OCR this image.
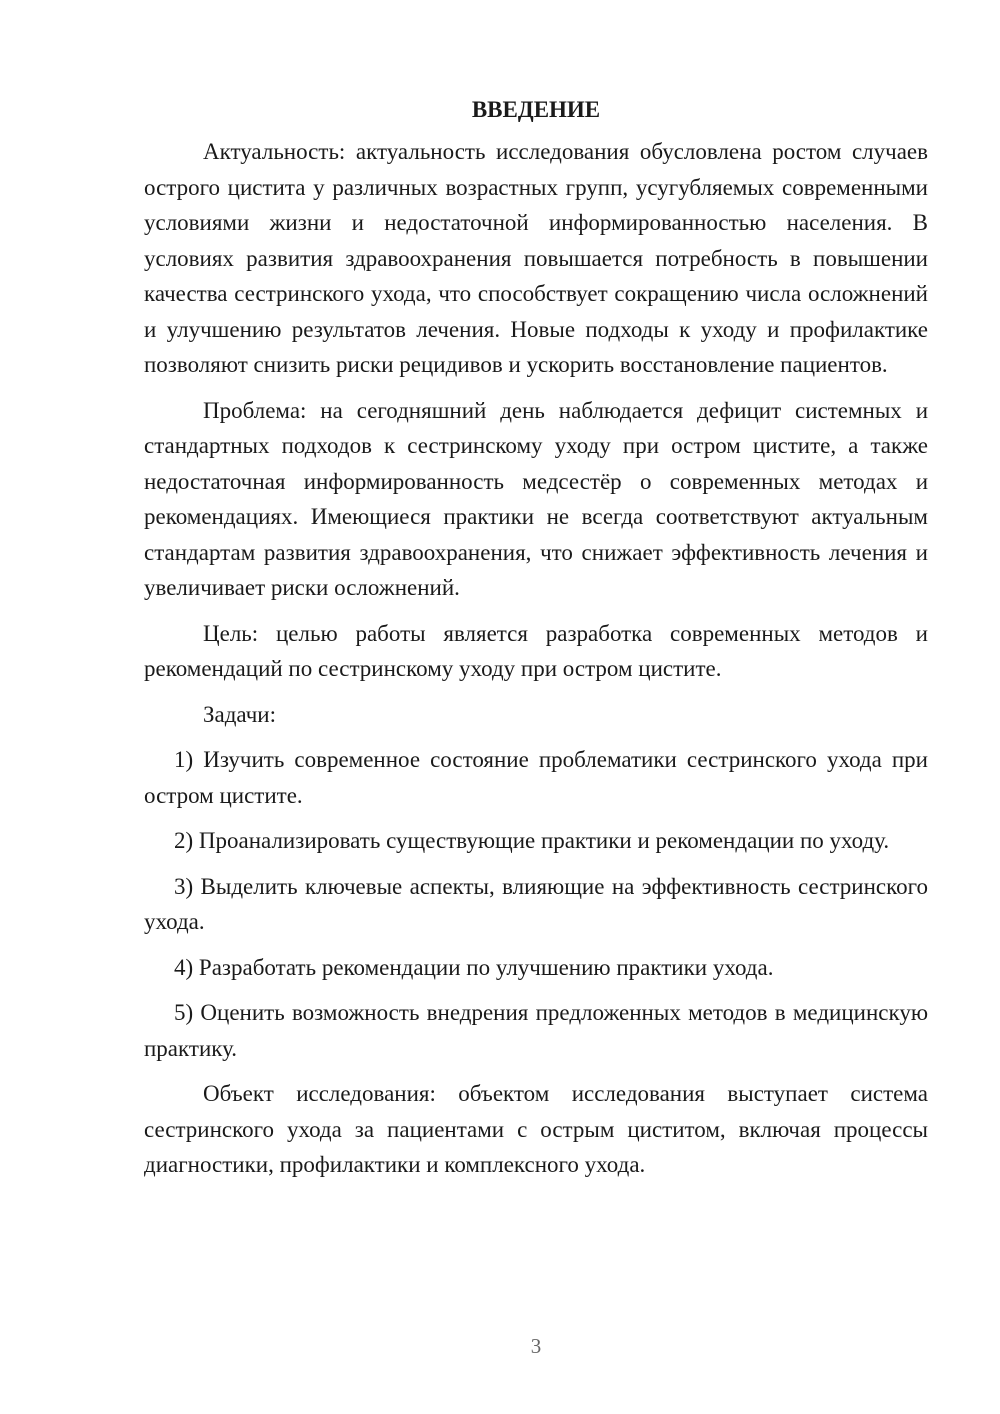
ВВЕДЕНИЕ

Актуальность: актуальность исследования обусловлена ростом случаев острого цистита у различных возрастных групп, усугубляемых современными условиями жизни и недостаточной информированностью населения. В условиях развития здравоохранения повышается потребность в повышении качества сестринского ухода, что способствует сокращению числа осложнений и улучшению результатов лечения. Новые подходы к уходу и профилактике позволяют снизить риски рецидивов и ускорить восстановление пациентов.

Проблема: на сегодняшний день наблюдается дефицит системных и стандартных подходов к сестринскому уходу при остром цистите, а также недостаточная информированность медсестёр о современных методах и рекомендациях. Имеющиеся практики не всегда соответствуют актуальным стандартам развития здравоохранения, что снижает эффективность лечения и увеличивает риски осложнений.

Цель: целью работы является разработка современных методов и рекомендаций по сестринскому уходу при остром цистите.

Задачи:

1) Изучить современное состояние проблематики сестринского ухода при остром цистите.

2) Проанализировать существующие практики и рекомендации по уходу.

3) Выделить ключевые аспекты, влияющие на эффективность сестринского ухода.

4) Разработать рекомендации по улучшению практики ухода.

5) Оценить возможность внедрения предложенных методов в медицинскую практику.

Объект исследования: объектом исследования выступает система сестринского ухода за пациентами с острым циститом, включая процессы диагностики, профилактики и комплексного ухода.

3
